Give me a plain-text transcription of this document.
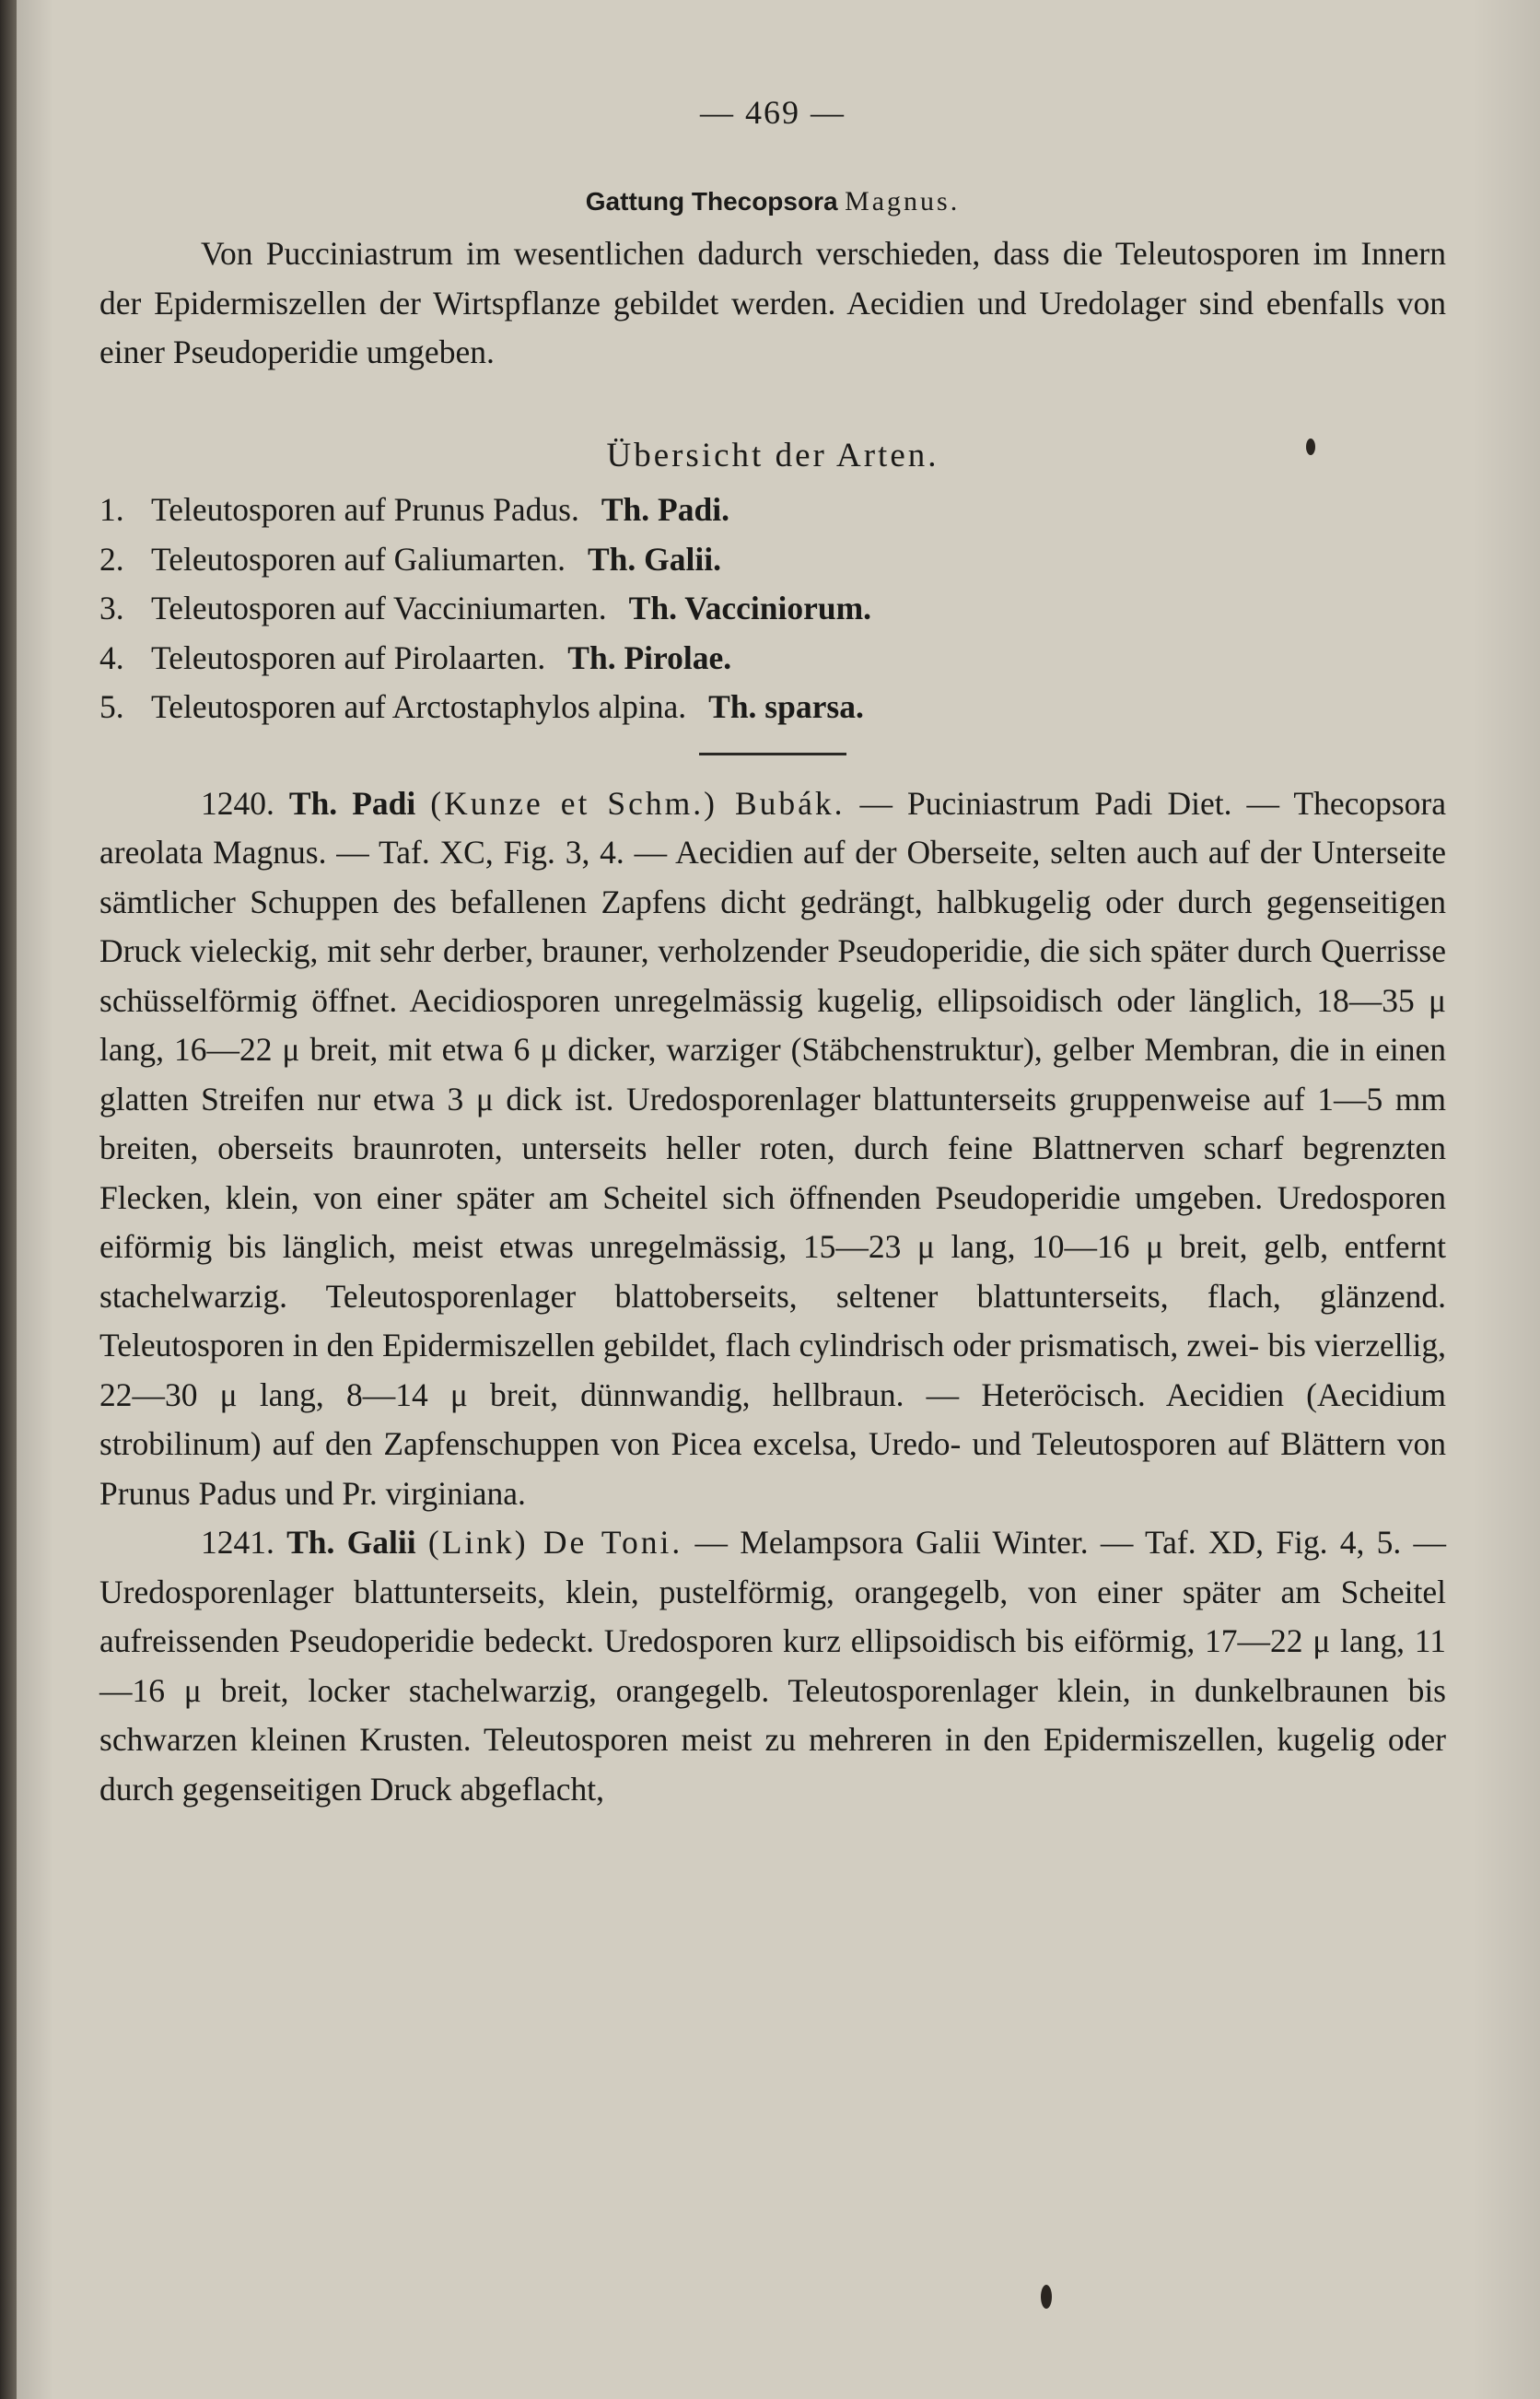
— 469 —
Gattung Thecopsora Magnus.

Von Pucciniastrum im wesentlichen dadurch verschieden, dass die Teleutosporen im Innern der Epidermiszellen der Wirtspflanze gebildet werden. Aecidien und Uredolager sind ebenfalls von einer Pseudoperidie umgeben.

Übersicht der Arten.
1. Teleutosporen auf Prunus Padus. Th. Padi.
2. Teleutosporen auf Galiumarten. Th. Galii.
3. Teleutosporen auf Vacciniumarten. Th. Vacciniorum.
4. Teleutosporen auf Pirolaarten. Th. Pirolae.
5. Teleutosporen auf Arctostaphylos alpina. Th. sparsa.

1240. Th. Padi (Kunze et Schm.) Bubák. — Puciniastrum Padi Diet. — Thecopsora areolata Magnus. — Taf. XC, Fig. 3, 4. — Aecidien auf der Oberseite, selten auch auf der Unterseite sämtlicher Schuppen des befallenen Zapfens dicht gedrängt, halbkugelig oder durch gegenseitigen Druck vieleckig, mit sehr derber, brauner, verholzender Pseudoperidie, die sich später durch Querrisse schüsselförmig öffnet. Aecidiosporen unregelmässig kugelig, ellipsoidisch oder länglich, 18—35 μ lang, 16—22 μ breit, mit etwa 6 μ dicker, warziger (Stäbchenstruktur), gelber Membran, die in einen glatten Streifen nur etwa 3 μ dick ist. Uredosporenlager blattunterseits gruppenweise auf 1—5 mm breiten, oberseits braunroten, unterseits heller roten, durch feine Blattnerven scharf begrenzten Flecken, klein, von einer später am Scheitel sich öffnenden Pseudoperidie umgeben. Uredosporen eiförmig bis länglich, meist etwas unregelmässig, 15—23 μ lang, 10—16 μ breit, gelb, entfernt stachelwarzig. Teleutosporenlager blattoberseits, seltener blattunterseits, flach, glänzend. Teleutosporen in den Epidermiszellen gebildet, flach cylindrisch oder prismatisch, zwei- bis vierzellig, 22—30 μ lang, 8—14 μ breit, dünnwandig, hellbraun. — Heteröcisch. Aecidien (Aecidium strobilinum) auf den Zapfenschuppen von Picea excelsa, Uredo- und Teleutosporen auf Blättern von Prunus Padus und Pr. virginiana.

1241. Th. Galii (Link) De Toni. — Melampsora Galii Winter. — Taf. XD, Fig. 4, 5. — Uredosporenlager blattunterseits, klein, pustelförmig, orangegelb, von einer später am Scheitel aufreissenden Pseudoperidie bedeckt. Uredosporen kurz ellipsoidisch bis eiförmig, 17—22 μ lang, 11—16 μ breit, locker stachelwarzig, orangegelb. Teleutosporenlager klein, in dunkelbraunen bis schwarzen kleinen Krusten. Teleutosporen meist zu mehreren in den Epidermiszellen, kugelig oder durch gegenseitigen Druck abgeflacht,
